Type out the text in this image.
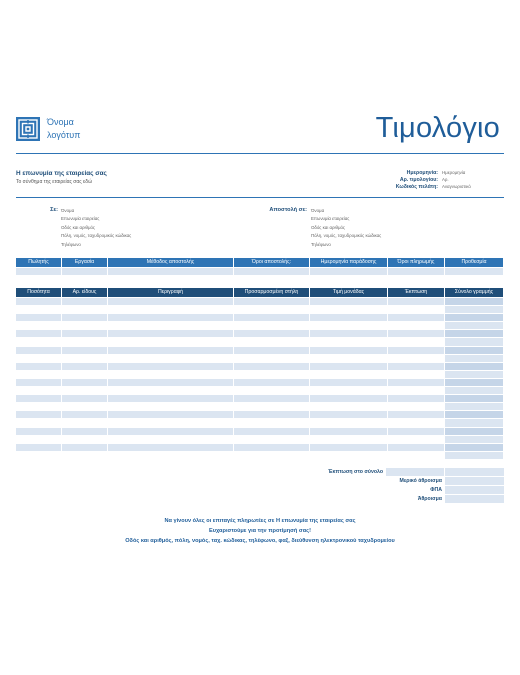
Όνομα
λογότυπ	Τιμολόγιο
Η επωνυμία της εταιρείας σας
Το σύνθημα της εταιρείας σας εδώ
Ημερομηνία: Ημερομηνία
Αρ. τιμολογίου: Αρ.
Κωδικός πελάτη: Αναγνωριστικό
Σε: Όνομα
Επωνυμία εταιρείας
Οδός και αριθμός
Πόλη, νομός, ταχυδρομικός κώδικας
Τηλέφωνο
Αποστολή σε: Όνομα
Επωνυμία εταιρείας
Οδός και αριθμός
Πόλη, νομός, ταχυδρομικός κώδικας
Τηλέφωνο
Πωλητής	Εργασία	Μέθοδος αποστολής	Όροι αποστολής:	Ημερομηνία παράδοσης	Όροι πληρωμής	Προθεσμία
Ποσότητα	Αρ. είδους	Περιγραφή	Προσαρμοσμένη στήλη	Τιμή μονάδας	Έκπτωση	Σύνολο γραμμής
Έκπτωση στο σύνολο
Μερικό άθροισμα
ΦΠΑ
Άθροισμα
Να γίνουν όλες οι επιταγές πληρωτέες σε Η επωνυμία της εταιρείας σας
Ευχαριστούμε για την προτίμησή σας!
Οδός και αριθμός, πόλη, νομός, ταχ. κώδικας, τηλέφωνο, φαξ, διεύθυνση ηλεκτρονικού ταχυδρομείου
